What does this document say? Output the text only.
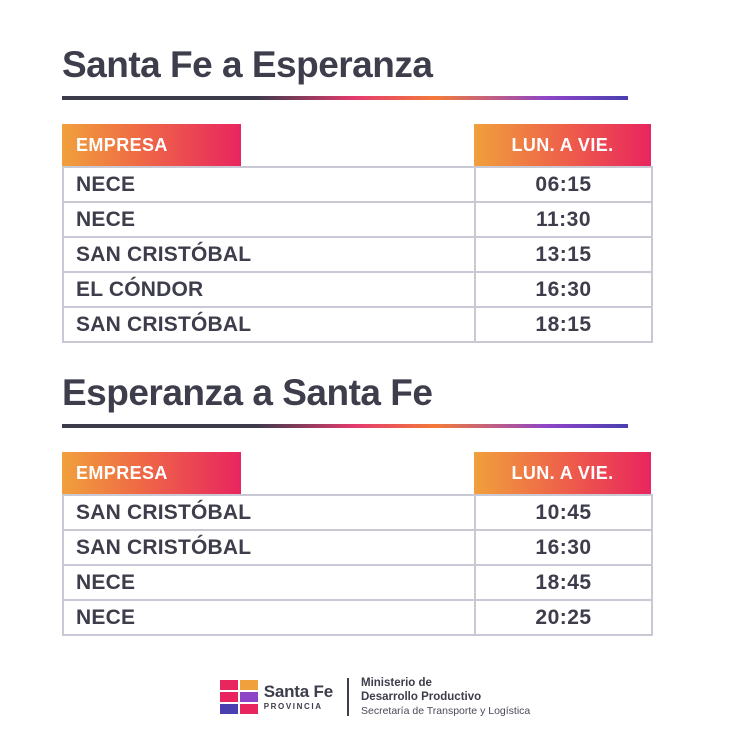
Santa Fe a Esperanza
EMPRESA	LUN. A VIE.
NECE	06:15
NECE	11:30
SAN CRISTÓBAL	13:15
EL CÓNDOR	16:30
SAN CRISTÓBAL	18:15
Esperanza a Santa Fe
EMPRESA	LUN. A VIE.
SAN CRISTÓBAL	10:45
SAN CRISTÓBAL	16:30
NECE	18:45
NECE	20:25
Santa Fe
PROVINCIA
Ministerio de
Desarrollo Productivo
Secretaría de Transporte y Logística
